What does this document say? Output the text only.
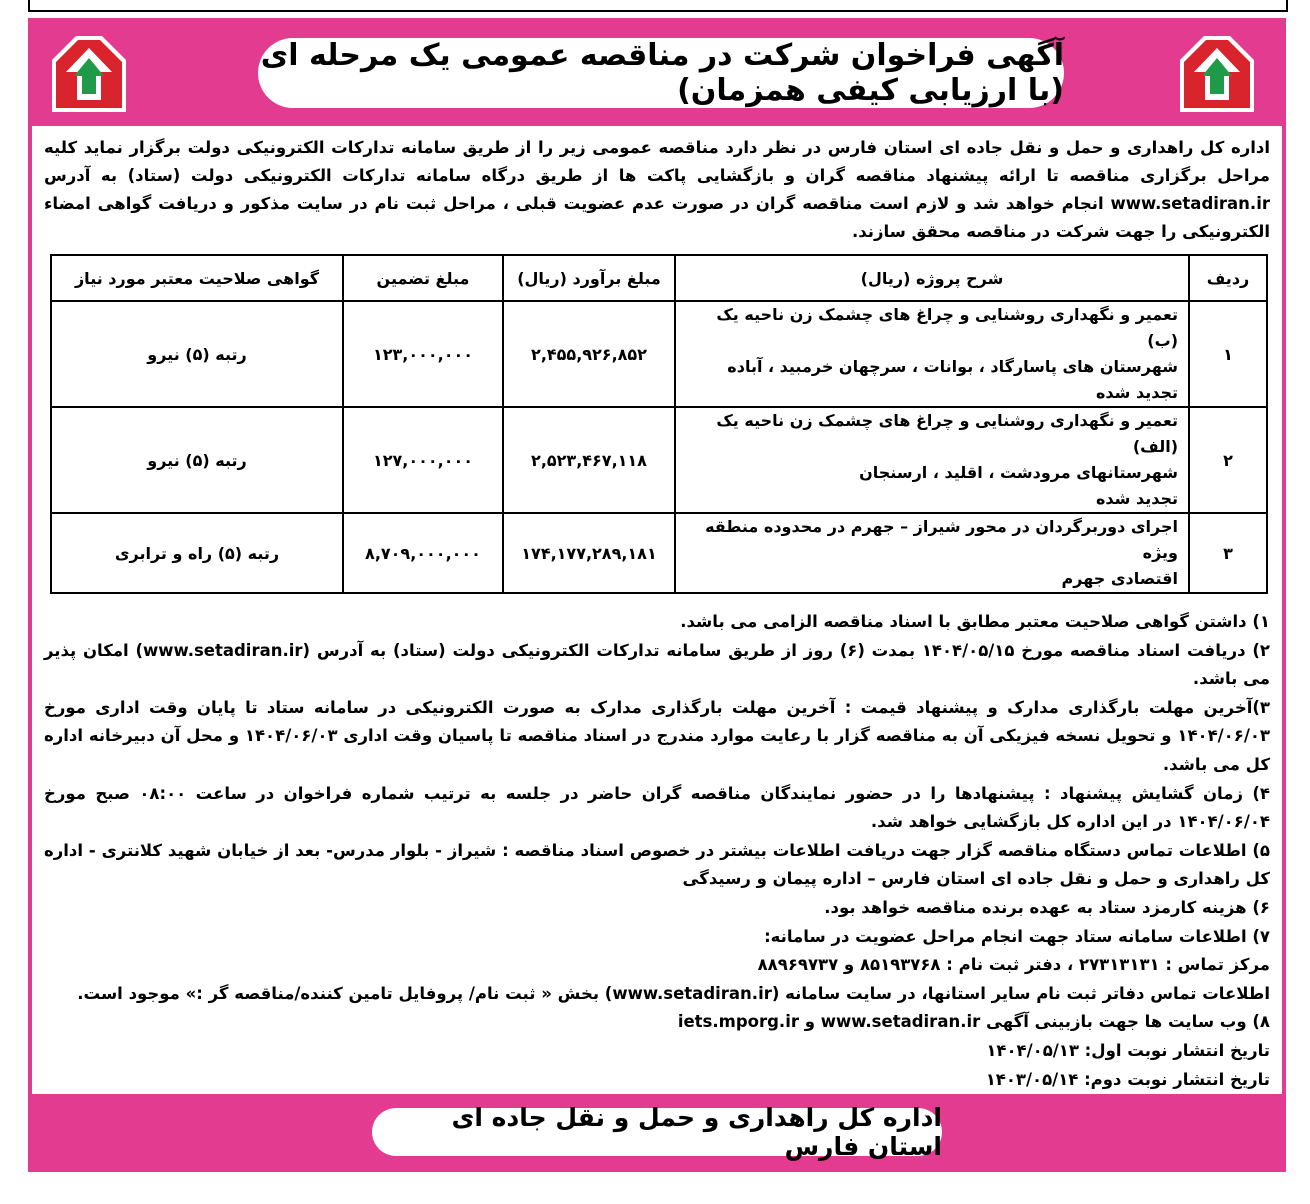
آگهی فراخوان شرکت در مناقصه عمومی یک مرحله ای (با ارزیابی کیفی همزمان)
اداره کل راهداری و حمل و نقل جاده ای استان فارس در نظر دارد مناقصه عمومی زیر را از طریق سامانه تدارکات الکترونیکی دولت برگزار نماید کلیه مراحل برگزاری مناقصه تا ارائه پیشنهاد مناقصه گران و بازگشایی پاکت ها از طریق درگاه سامانه تدارکات الکترونیکی دولت (ستاد) به آدرس www.setadiran.ir انجام خواهد شد و لازم است مناقصه گران در صورت عدم عضویت قبلی ، مراحل ثبت نام در سایت مذکور و دریافت گواهی امضاء الکترونیکی را جهت شرکت در مناقصه محقق سازند.
ردیف	شرح پروژه (ریال)	مبلغ برآورد (ریال)	مبلغ تضمین	گواهی صلاحیت معتبر مورد نیاز
۱	تعمیر و نگهداری روشنایی و چراغ های چشمک زن ناحیه یک (ب)
شهرستان های پاسارگاد ، بوانات ، سرچهان خرمبید ، آباده
تجدید شده	۲,۴۵۵,۹۲۶,۸۵۲	۱۲۳,۰۰۰,۰۰۰	رتبه (۵) نیرو
۲	تعمیر و نگهداری روشنایی و چراغ های چشمک زن ناحیه یک (الف)
شهرستانهای مرودشت ، اقلید ، ارسنجان
تجدید شده	۲,۵۲۳,۴۶۷,۱۱۸	۱۲۷,۰۰۰,۰۰۰	رتبه (۵) نیرو
۳	اجرای دوربرگردان در محور شیراز – جهرم در محدوده منطقه ویژه
اقتصادی جهرم	۱۷۴,۱۷۷,۲۸۹,۱۸۱	۸,۷۰۹,۰۰۰,۰۰۰	رتبه (۵) راه و ترابری

۱) داشتن گواهی صلاحیت معتبر مطابق با اسناد مناقصه الزامی می باشد.

۲) دریافت اسناد مناقصه مورخ ۱۴۰۴/۰۵/۱۵ بمدت (۶) روز از طریق سامانه تدارکات الکترونیکی دولت (ستاد) به آدرس (www.setadiran.ir) امکان پذیر می باشد.

۳)آخرین مهلت بارگذاری مدارک و پیشنهاد قیمت : آخرین مهلت بارگذاری مدارک به صورت الکترونیکی در سامانه ستاد تا پایان وقت اداری مورخ ۱۴۰۴/۰۶/۰۳ و تحویل نسخه فیزیکی آن به مناقصه گزار با رعایت موارد مندرج در اسناد مناقصه تا پاسیان وقت اداری ۱۴۰۴/۰۶/۰۳ و محل آن دبیرخانه اداره کل می باشد.

۴) زمان گشایش پیشنهاد : پیشنهادها را در حضور نمایندگان مناقصه گران حاضر در جلسه به ترتیب شماره فراخوان در ساعت ۰۸:۰۰ صبح مورخ ۱۴۰۴/۰۶/۰۴ در این اداره کل بازگشایی خواهد شد.

۵) اطلاعات تماس دستگاه مناقصه گزار جهت دریافت اطلاعات بیشتر در خصوص اسناد مناقصه : شیراز - بلوار مدرس- بعد از خیابان شهید کلانتری - اداره کل راهداری و حمل و نقل جاده ای استان فارس – اداره پیمان و رسیدگی

۶) هزینه کارمزد ستاد به عهده برنده مناقصه خواهد بود.

۷) اطلاعات سامانه ستاد جهت انجام مراحل عضویت در سامانه:

مرکز تماس : ۲۷۳۱۳۱۳۱ ، دفتر ثبت نام : ۸۵۱۹۳۷۶۸ و ۸۸۹۶۹۷۳۷

اطلاعات تماس دفاتر ثبت نام سایر استانها، در سایت سامانه (www.setadiran.ir) بخش « ثبت نام/ پروفایل تامین کننده/مناقصه گر :» موجود است.

۸) وب سایت ها جهت بازبینی آگهی www.setadiran.ir و iets.mporg.ir

تاریخ انتشار نوبت اول: ۱۴۰۴/۰۵/۱۳

تاریخ انتشار نوبت دوم: ۱۴۰۳/۰۵/۱۴

اداره کل راهداری و حمل و نقل جاده ای استان فارس
